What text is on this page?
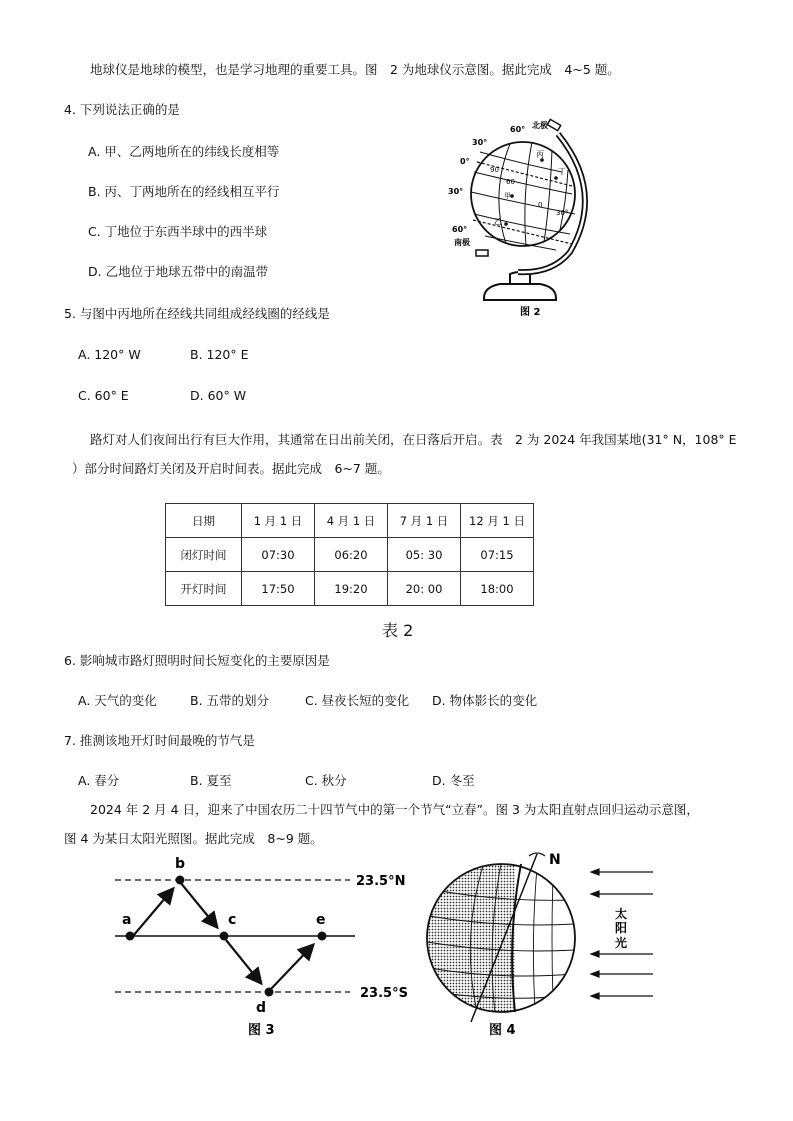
地球仪是地球的模型，也是学习地理的重要工具。图　2 为地球仪示意图。据此完成　4~5 题。
4. 下列说法正确的是
A. 甲、乙两地所在的纬线长度相等
B. 丙、丁两地所在的经线相互平行
C. 丁地位于东西半球中的西半球
D. 乙地位于地球五带中的南温带
5. 与图中丙地所在经线共同组成经线圈的经线是
A. 120° W	B. 120° E
C. 60° E	D. 60° W
60° 北极
30°
丙
0°
丁
90
60
30°	甲
0
30°
乙
60°
南极
图 2
路灯对人们夜间出行有巨大作用，其通常在日出前关闭，在日落后开启。表　2 为 2024 年我国某地(31° N，108° E
）部分时间路灯关闭及开启时间表。据此完成　6~7 题。
日期	1 月 1 日	4 月 1 日	7 月 1 日	12 月 1 日
闭灯时间	07:30	06:20	05: 30	07:15
开灯时间	17:50	19:20	20: 00	18:00
表 2
6. 影响城市路灯照明时间长短变化的主要原因是
A. 天气的变化	B. 五带的划分	C. 昼夜长短的变化 D. 物体影长的变化
7. 推测该地开灯时间最晚的节气是
A. 春分	B. 夏至	C. 秋分	D. 冬至
2024 年 2 月 4 日，迎来了中国农历二十四节气中的第一个节气“立春”。图 3 为太阳直射点回归运动示意图，
图 4 为某日太阳光照图。据此完成　8~9 题。
23.5°N
23.5°S
a
b
c
d
e
图 3
N
太
阳
光
图 4
